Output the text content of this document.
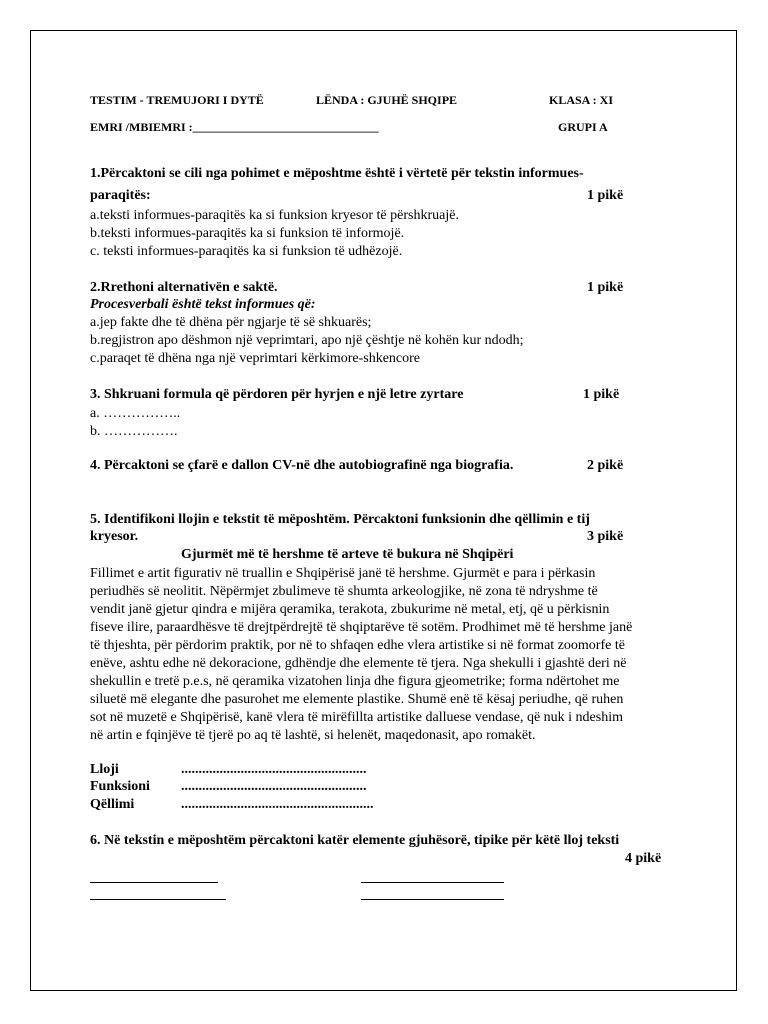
TESTIM - TREMUJORI I DYTË	LËNDA : GJUHË SHQIPE	KLASA : XI
EMRI /MBIEMRI :_______________________________	GRUPI A
1.Përcaktoni se cili nga pohimet e mëposhtme është i vërtetë për tekstin informues-
paraqitës:	1 pikë
a.teksti informues-paraqitës ka si funksion kryesor të përshkruajë.
b.teksti informues-paraqitës ka si funksion të informojë.
c. teksti informues-paraqitës ka si funksion të udhëzojë.
2.Rrethoni alternativën e saktë.	1 pikë
Procesverbali është tekst informues që:
a.jep fakte dhe të dhëna për ngjarje të së shkuarës;
b.regjistron apo dëshmon një veprimtari, apo një çështje në kohën kur ndodh;
c.paraqet të dhëna nga një veprimtari kërkimore-shkencore
3. Shkruani formula që përdoren për hyrjen e një letre zyrtare	1 pikë
a. ……………..
b. …………….
4. Përcaktoni se çfarë e dallon CV-në dhe autobiografinë nga biografia.	2 pikë
5. Identifikoni llojin e tekstit të mëposhtëm. Përcaktoni funksionin dhe qëllimin e tij
kryesor.	3 pikë
Gjurmët më të hershme të arteve të bukura në Shqipëri

Fillimet e artit figurativ në truallin e Shqipërisë janë të hershme. Gjurmët e para i përkasin

periudhës së neolitit. Nëpërmjet zbulimeve të shumta arkeologjike, në zona të ndryshme të

vendit janë gjetur qindra e mijëra qeramika, terakota, zbukurime në metal, etj, që u përkisnin

fiseve ilire, paraardhësve të drejtpërdrejtë të shqiptarëve të sotëm. Prodhimet më të hershme janë

të thjeshta, për përdorim praktik, por në to shfaqen edhe vlera artistike si në format zoomorfe të

enëve, ashtu edhe në dekoracione, gdhëndje dhe elemente të tjera. Nga shekulli i gjashtë deri në

shekullin e tretë p.e.s, në qeramika vizatohen linja dhe figura gjeometrike; forma ndërtohet me

siluetë më elegante dhe pasurohet me elemente plastike. Shumë enë të kësaj periudhe, që ruhen

sot në muzetë e Shqipërisë, kanë vlera të mirëfillta artistike dalluese vendase, që nuk i ndeshim

në artin e fqinjëve të tjerë po aq të lashtë, si helenët, maqedonasit, apo romakët.

Lloji	.....................................................
Funksioni .....................................................
Qëllimi	.......................................................
6. Në tekstin e mëposhtëm përcaktoni katër elemente gjuhësorë, tipike për këtë lloj teksti
4 pikë
